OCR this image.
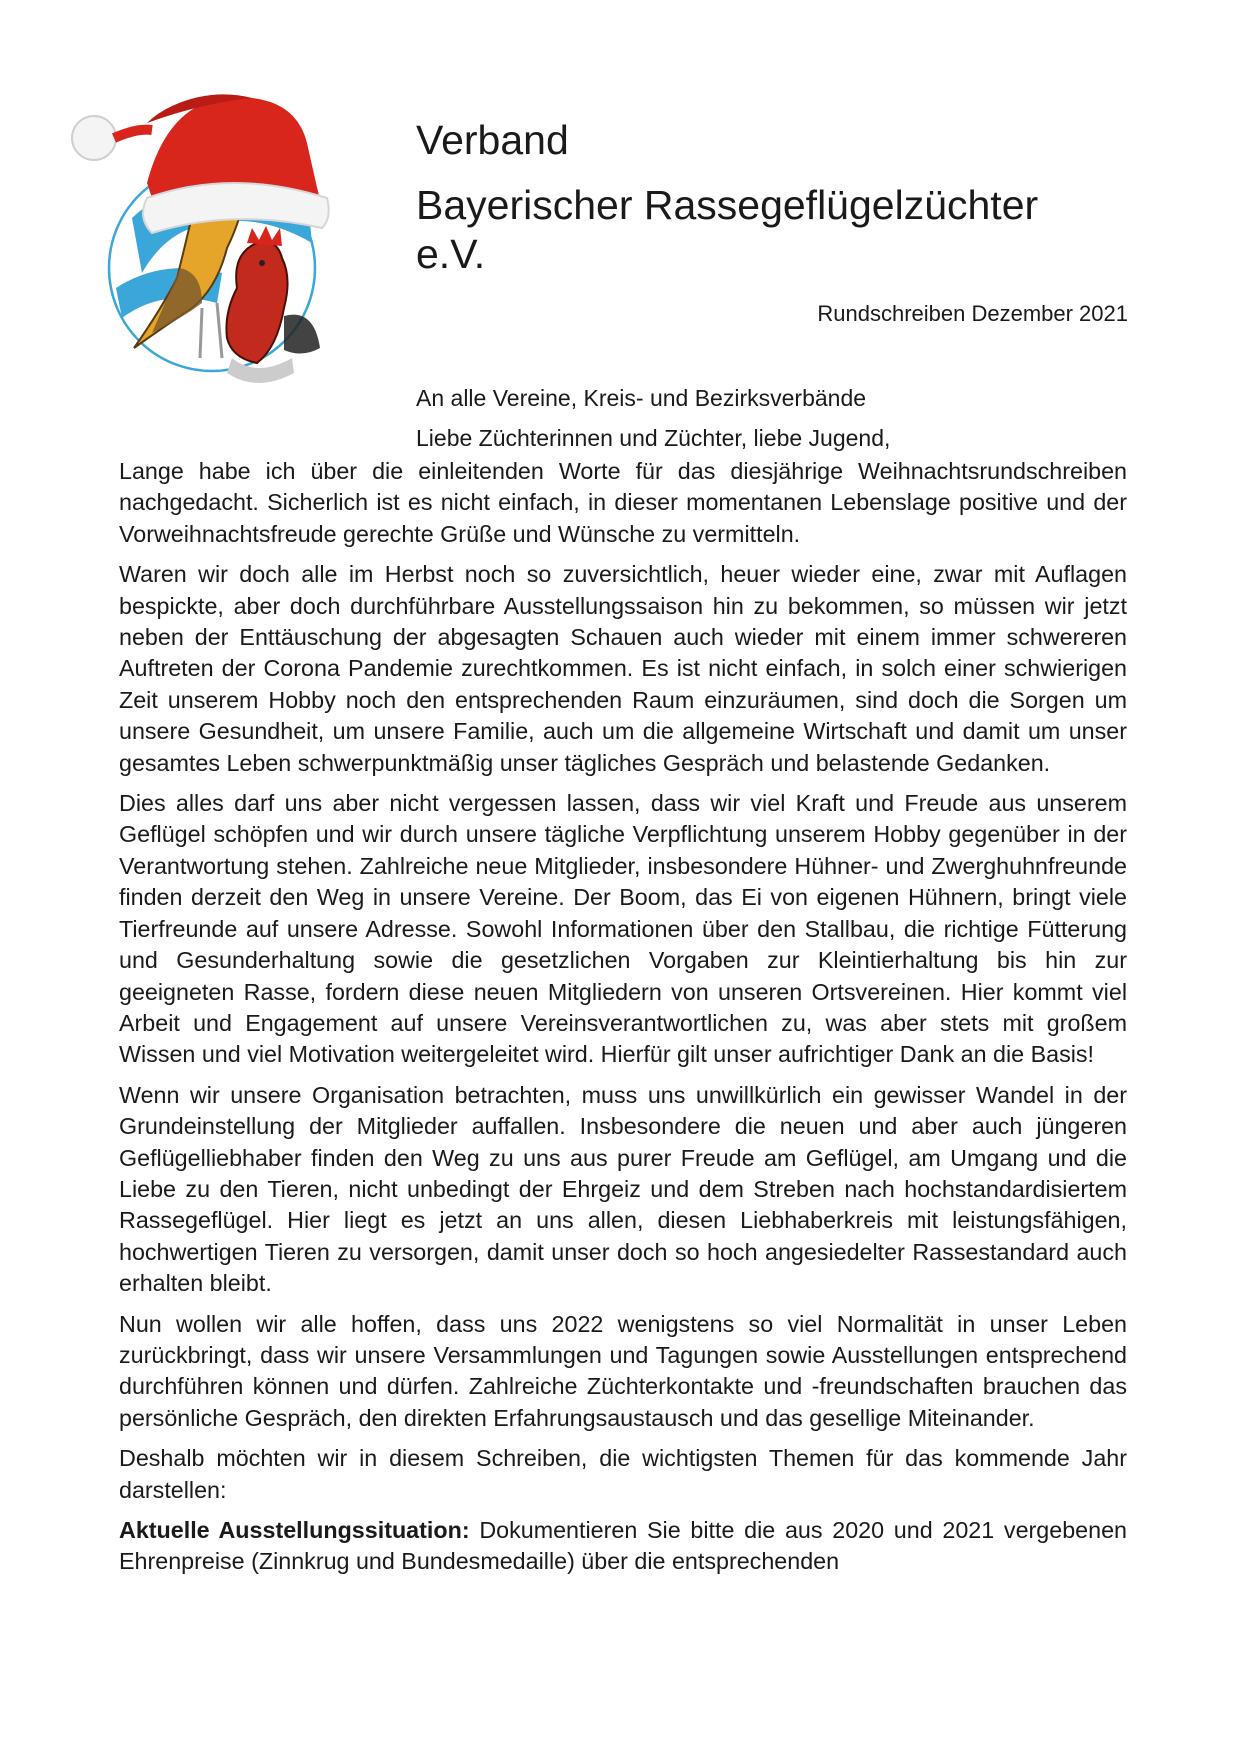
Verband
Bayerischer Rassegeflügelzüchter
e.V.
Rundschreiben Dezember 2021
An alle Vereine, Kreis- und Bezirksverbände
Liebe Züchterinnen und Züchter, liebe Jugend,

Lange habe ich über die einleitenden Worte für das diesjährige Weihnachtsrundschreiben nachgedacht. Sicherlich ist es nicht einfach, in dieser momentanen Lebenslage positive und der Vorweihnachtsfreude gerechte Grüße und Wünsche zu vermitteln.

Waren wir doch alle im Herbst noch so zuversichtlich, heuer wieder eine, zwar mit Auflagen bespickte, aber doch durchführbare Ausstellungssaison hin zu bekommen, so müssen wir jetzt neben der Enttäuschung der abgesagten Schauen auch wieder mit einem immer schwereren Auftreten der Corona Pandemie zurechtkommen. Es ist nicht einfach, in solch einer schwierigen Zeit unserem Hobby noch den entsprechenden Raum einzuräumen, sind doch die Sorgen um unsere Gesundheit, um unsere Familie, auch um die allgemeine Wirtschaft und damit um unser gesamtes Leben schwerpunktmäßig unser tägliches Gespräch und belastende Gedanken.

Dies alles darf uns aber nicht vergessen lassen, dass wir viel Kraft und Freude aus unserem Geflügel schöpfen und wir durch unsere tägliche Verpflichtung unserem Hobby gegenüber in der Verantwortung stehen. Zahlreiche neue Mitglieder, insbesondere Hühner- und Zwerghuhnfreunde finden derzeit den Weg in unsere Vereine. Der Boom, das Ei von eigenen Hühnern, bringt viele Tierfreunde auf unsere Adresse. Sowohl Informationen über den Stallbau, die richtige Fütterung und Gesunderhaltung sowie die gesetzlichen Vorgaben zur Kleintierhaltung bis hin zur geeigneten Rasse, fordern diese neuen Mitgliedern von unseren Ortsvereinen. Hier kommt viel Arbeit und Engagement auf unsere Vereinsverantwortlichen zu, was aber stets mit großem Wissen und viel Motivation weitergeleitet wird. Hierfür gilt unser aufrichtiger Dank an die Basis!

Wenn wir unsere Organisation betrachten, muss uns unwillkürlich ein gewisser Wandel in der Grundeinstellung der Mitglieder auffallen. Insbesondere die neuen und aber auch jüngeren Geflügelliebhaber finden den Weg zu uns aus purer Freude am Geflügel, am Umgang und die Liebe zu den Tieren, nicht unbedingt der Ehrgeiz und dem Streben nach hochstandardisiertem Rassegeflügel. Hier liegt es jetzt an uns allen, diesen Liebhaberkreis mit leistungsfähigen, hochwertigen Tieren zu versorgen, damit unser doch so hoch angesiedelter Rassestandard auch erhalten bleibt.

Nun wollen wir alle hoffen, dass uns 2022 wenigstens so viel Normalität in unser Leben zurückbringt, dass wir unsere Versammlungen und Tagungen sowie Ausstellungen entsprechend durchführen können und dürfen. Zahlreiche Züchterkontakte und -freundschaften brauchen das persönliche Gespräch, den direkten Erfahrungsaustausch und das gesellige Miteinander.

Deshalb möchten wir in diesem Schreiben, die wichtigsten Themen für das kommende Jahr darstellen:

Aktuelle Ausstellungssituation: Dokumentieren Sie bitte die aus 2020 und 2021 vergebenen Ehrenpreise (Zinnkrug und Bundesmedaille) über die entsprechenden
